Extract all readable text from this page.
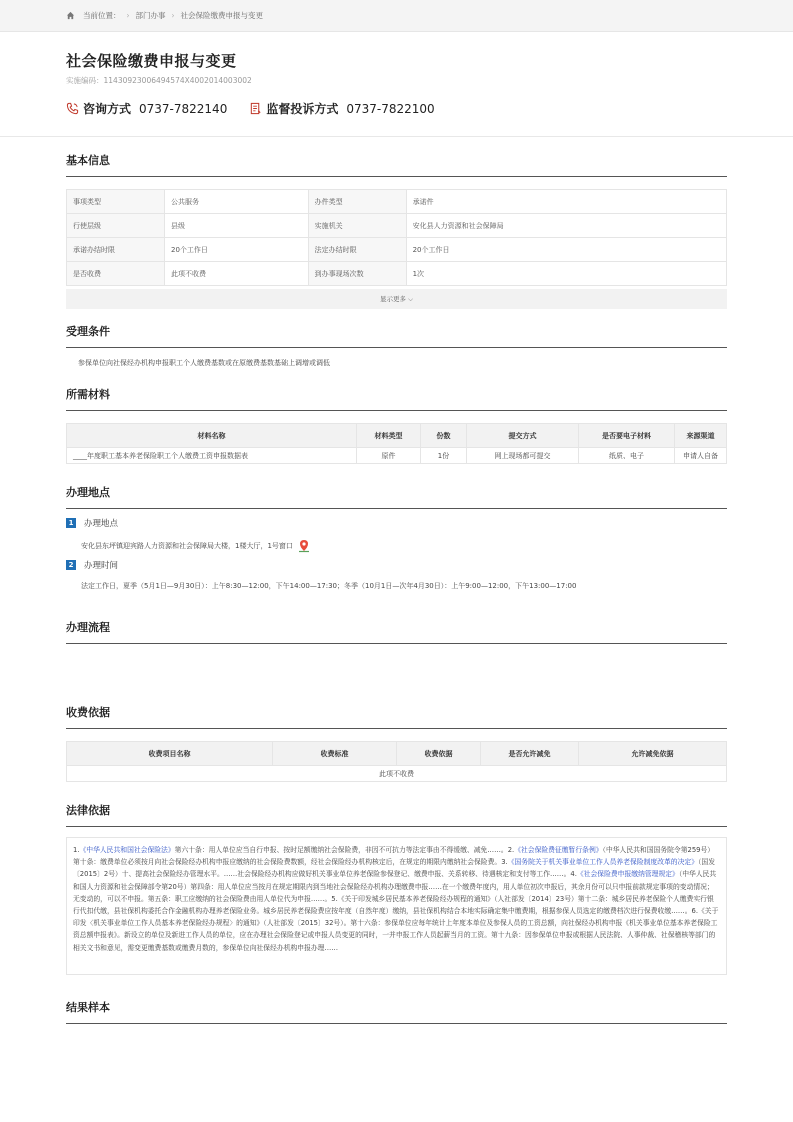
当前位置： › 部门办事 › 社会保险缴费申报与变更
社会保险缴费申报与变更
实施编码：11430923006494574X4002014003002
咨询方式 0737-7822140	监督投诉方式 0737-7822100
基本信息
事项类型	公共服务	办件类型	承诺件
行使层级	县级	实施机关	安化县人力资源和社会保障局
承诺办结时限	20个工作日	法定办结时限	20个工作日
是否收费	此项不收费	到办事现场次数	1次
显示更多 ⌵
受理条件
参保单位向社保经办机构申报职工个人缴费基数或在原缴费基数基础上调增或调低
所需材料
材料名称	材料类型	份数	提交方式	是否要电子材料	来源渠道
____年度职工基本养老保险职工个人缴费工资申报数据表	原件	1份	网上现场都可提交	纸质、电子	申请人自备
办理地点
1	办理地点
安化县东坪镇迎宾路人力资源和社会保障局大楼，1楼大厅，1号窗口
2	办理时间
法定工作日，夏季（5月1日—9月30日）：上午8:30—12:00，下午14:00—17:30；冬季（10月1日—次年4月30日）：上午9:00—12:00，下午13:00—17:00
办理流程
收费依据
收费项目名称	收费标准	收费依据	是否允许减免	允许减免依据
此项不收费
法律依据
1.《中华人民共和国社会保险法》第六十条：用人单位应当自行申报、按时足额缴纳社会保险费，非因不可抗力等法定事由不得缓缴、减免……。2.《社会保险费征缴暂行条例》（中华人民共和国国务院令第259号）第十条：缴费单位必须按月向社会保险经办机构申报应缴纳的社会保险费数额，经社会保险经办机构核定后，在规定的期限内缴纳社会保险费。3.《国务院关于机关事业单位工作人员养老保险制度改革的决定》（国发〔2015〕2号）十、提高社会保险经办管理水平。……社会保险经办机构应做好机关事业单位养老保险参保登记、缴费申报、关系转移、待遇核定和支付等工作……。4.《社会保险费申报缴纳管理规定》（中华人民共和国人力资源和社会保障部令第20号）第四条：用人单位应当按月在规定期限内到当地社会保险经办机构办理缴费申报……在一个缴费年度内，用人单位初次申报后，其余月份可以只申报前款规定事项的变动情况；无变动的，可以不申报。第五条：职工应缴纳的社会保险费由用人单位代为申报……。5.《关于印发城乡居民基本养老保险经办规程的通知》（人社部发〔2014〕23号）第十二条：城乡居民养老保险个人缴费实行银行代扣代缴，县社保机构委托合作金融机构办理养老保险业务。城乡居民养老保险费应按年度（自然年度）缴纳，县社保机构结合本地实际确定集中缴费期，根据参保人员选定的缴费档次进行保费收缴……。6.《关于印发〈机关事业单位工作人员基本养老保险经办规程〉的通知》（人社部发〔2015〕32号）。第十六条：参保单位应每年统计上年度本单位及参保人员的工资总额，向社保经办机构申报《机关事业单位基本养老保险工资总额申报表》。新设立的单位及新进工作人员的单位，应在办理社会保险登记或申报人员变更的同时，一并申报工作人员起薪当月的工资。第十九条：因参保单位申报或根据人民法院、人事仲裁、社保稽核等部门的相关文书和意见，需变更缴费基数或缴费月数的，参保单位向社保经办机构申报办理……
结果样本
